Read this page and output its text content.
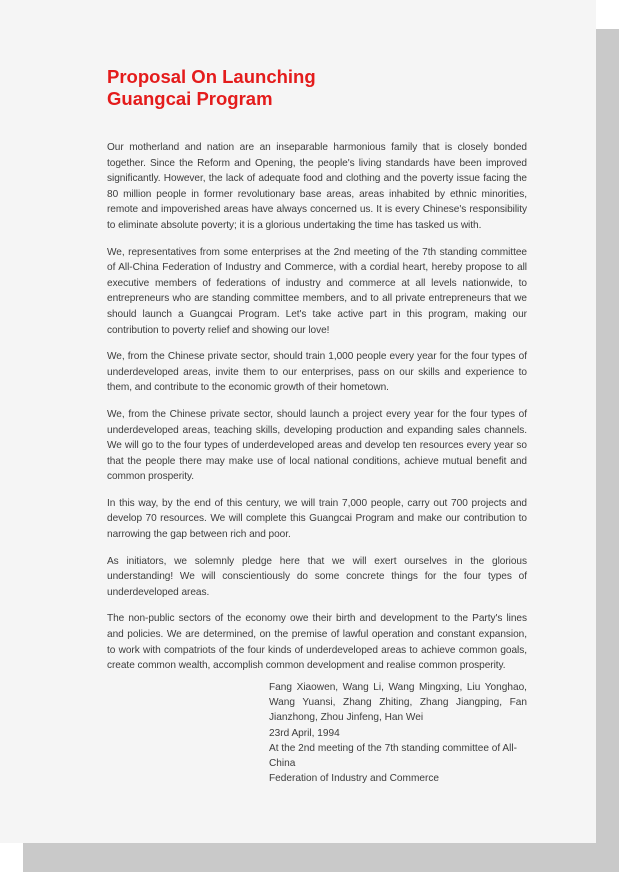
Proposal On Launching
Guangcai Program

Our motherland and nation are an inseparable harmonious family that is closely bonded together. Since the Reform and Opening, the people's living standards have been improved significantly. However, the lack of adequate food and clothing and the poverty issue facing the 80 million people in former revolutionary base areas, areas inhabited by ethnic minorities, remote and impoverished areas have always concerned us. It is every Chinese's responsibility to eliminate absolute poverty; it is a glorious undertaking the time has tasked us with.

We, representatives from some enterprises at the 2nd meeting of the 7th standing committee of All-China Federation of Industry and Commerce, with a cordial heart, hereby propose to all executive members of federations of industry and commerce at all levels nationwide, to entrepreneurs who are standing committee members, and to all private entrepreneurs that we should launch a Guangcai Program. Let's take active part in this program, making our contribution to poverty relief and showing our love!

We, from the Chinese private sector, should train 1,000 people every year for the four types of underdeveloped areas, invite them to our enterprises, pass on our skills and experience to them, and contribute to the economic growth of their hometown.

We, from the Chinese private sector, should launch a project every year for the four types of underdeveloped areas, teaching skills, developing production and expanding sales channels. We will go to the four types of underdeveloped areas and develop ten resources every year so that the people there may make use of local national conditions, achieve mutual benefit and common prosperity.

In this way, by the end of this century, we will train 7,000 people, carry out 700 projects and develop 70 resources. We will complete this Guangcai Program and make our contribution to narrowing the gap between rich and poor.

As initiators, we solemnly pledge here that we will exert ourselves in the glorious understanding! We will conscientiously do some concrete things for the four types of underdeveloped areas.

The non-public sectors of the economy owe their birth and development to the Party's lines and policies. We are determined, on the premise of lawful operation and constant expansion, to work with compatriots of the four kinds of underdeveloped areas to achieve common goals, create common wealth, accomplish common development and realise common prosperity.

Fang Xiaowen, Wang Li, Wang Mingxing, Liu Yonghao, Wang Yuansi, Zhang Zhiting, Zhang Jiangping, Fan Jianzhong, Zhou Jinfeng, Han Wei
23rd April, 1994
At the 2nd meeting of the 7th standing committee of All-China
Federation of Industry and Commerce
